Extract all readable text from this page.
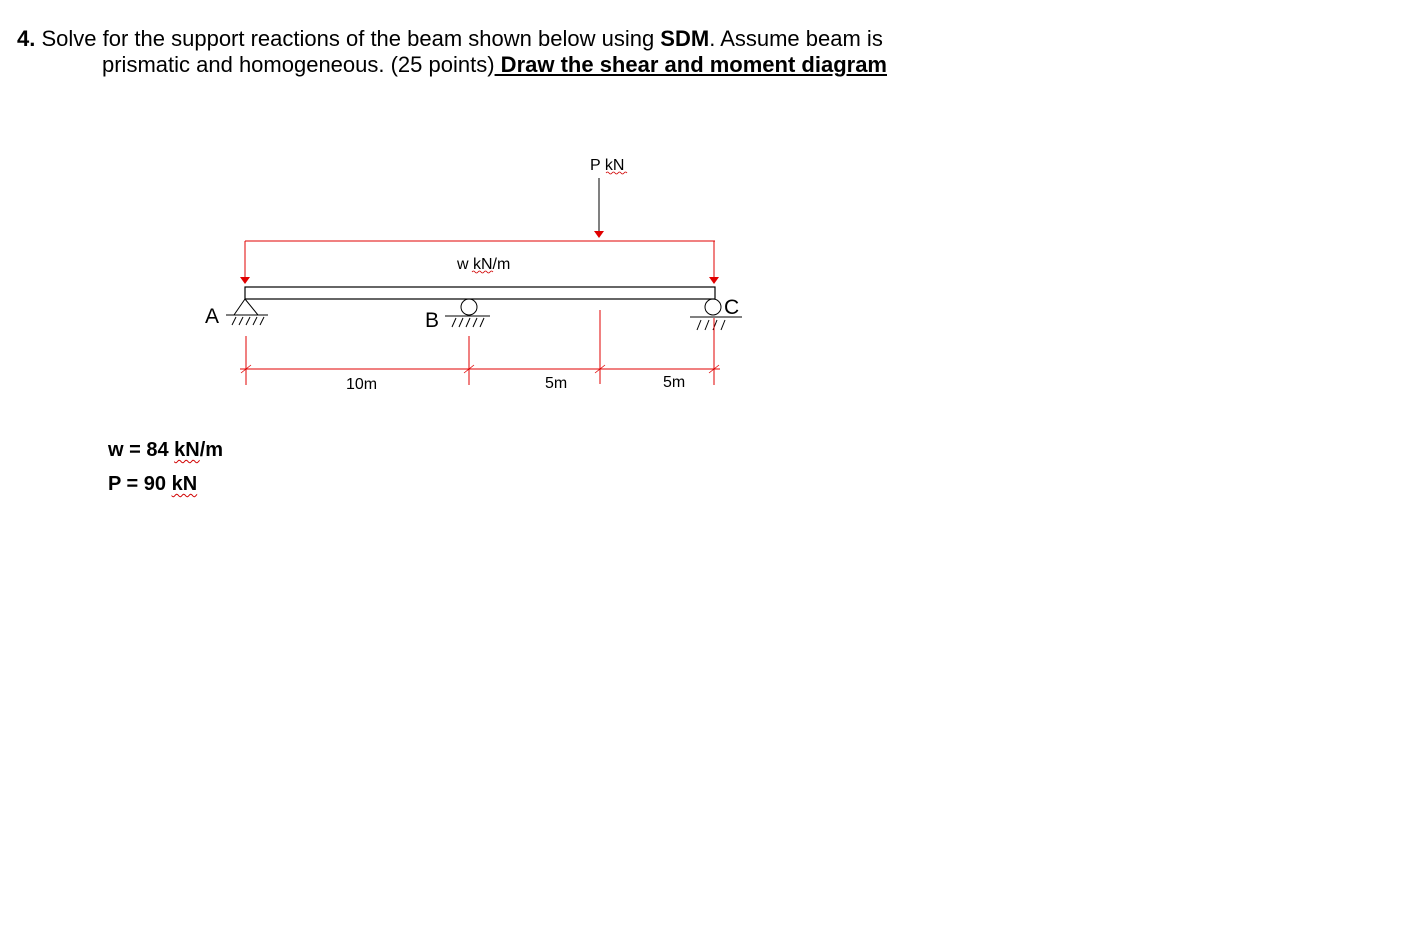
4. Solve for the support reactions of the beam shown below using SDM. Assume beam is
prismatic and homogeneous. (25 points) Draw the shear and moment diagram
w kN/m
P kN
A	B
C
10m	5m	5m
w = 84 kN/m
P = 90 kN
